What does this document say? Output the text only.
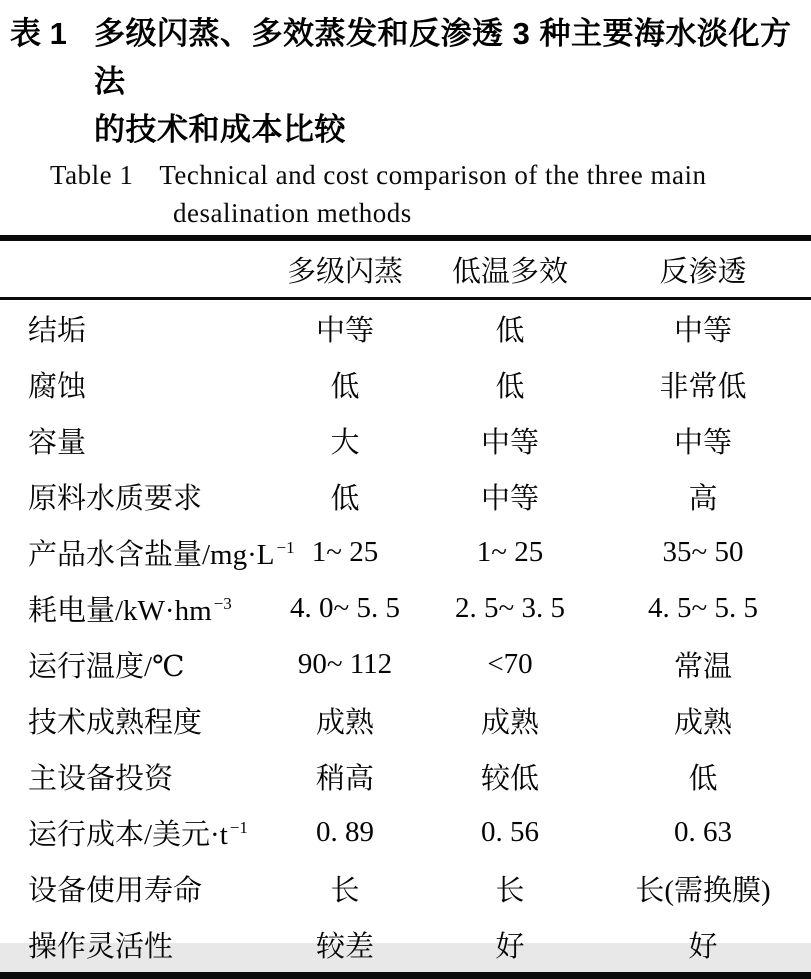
表 1 多级闪蒸、多效蒸发和反渗透 3 种主要海水淡化方法
的技术和成本比较
Table 1 Technical and cost comparison of the three main
desalination methods
	多级闪蒸	低温多效	反渗透
结垢	中等	低	中等
腐蚀	低	低	非常低
容量	大	中等	中等
原料水质要求	低	中等	高
产品水含盐量/mg·L $^{-1}$	1~ 25	1~ 25	35~ 50
耗电量/kW·hm $^{-3}$	4. 0~ 5. 5	2. 5~ 3. 5	4. 5~ 5. 5
运行温度/℃	90~ 112	<70	常温
技术成熟程度	成熟	成熟	成熟
主设备投资	稍高	较低	低
运行成本/美元·t $^{-1}$	0. 89	0. 56	0. 63
设备使用寿命	长	长	长(需换膜)
操作灵活性	较差	好	好
